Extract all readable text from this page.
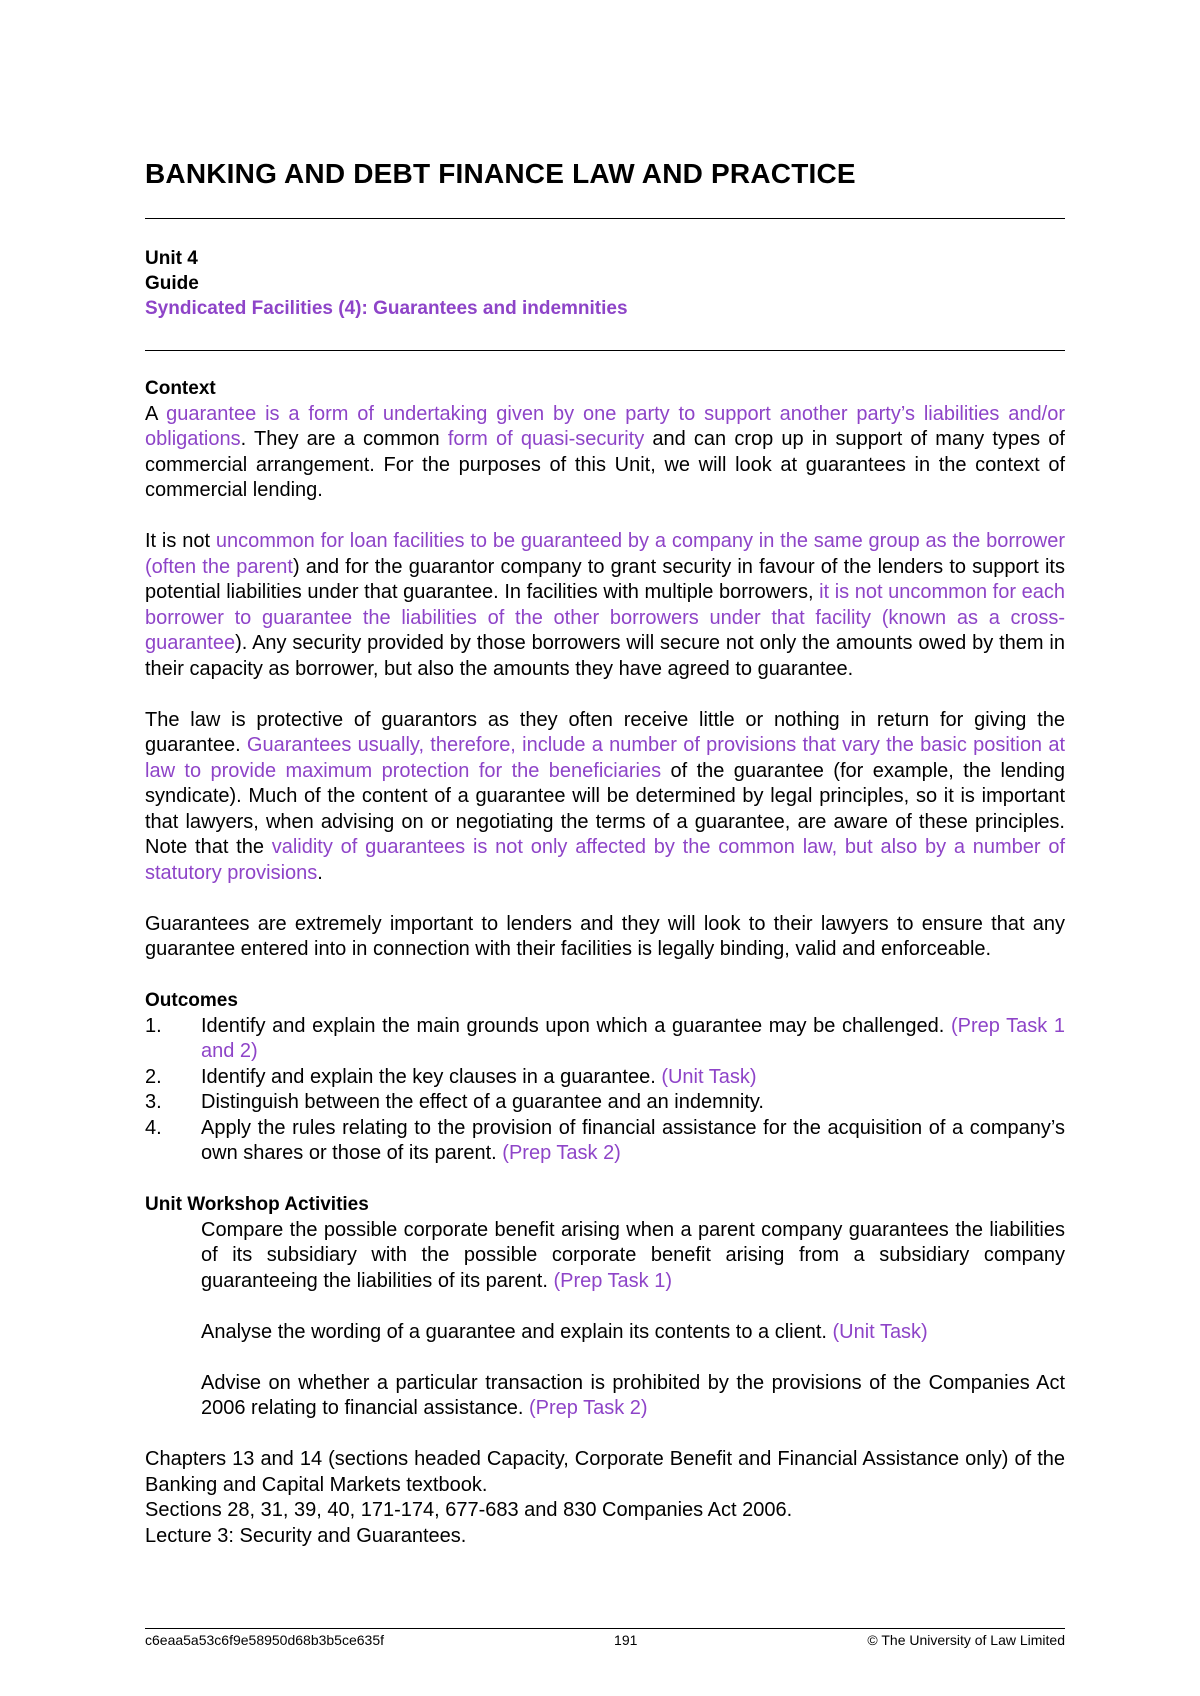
BANKING AND DEBT FINANCE LAW AND PRACTICE
Unit 4
Guide
Syndicated Facilities (4): Guarantees and indemnities
Context

A guarantee is a form of undertaking given by one party to support another party’s liabilities and/or obligations. They are a common form of quasi-security and can crop up in support of many types of commercial arrangement. For the purposes of this Unit, we will look at guarantees in the context of commercial lending.

It is not uncommon for loan facilities to be guaranteed by a company in the same group as the borrower (often the parent) and for the guarantor company to grant security in favour of the lenders to support its potential liabilities under that guarantee. In facilities with multiple borrowers, it is not uncommon for each borrower to guarantee the liabilities of the other borrowers under that facility (known as a cross-guarantee). Any security provided by those borrowers will secure not only the amounts owed by them in their capacity as borrower, but also the amounts they have agreed to guarantee.

The law is protective of guarantors as they often receive little or nothing in return for giving the guarantee. Guarantees usually, therefore, include a number of provisions that vary the basic position at law to provide maximum protection for the beneficiaries of the guarantee (for example, the lending syndicate). Much of the content of a guarantee will be determined by legal principles, so it is important that lawyers, when advising on or negotiating the terms of a guarantee, are aware of these principles. Note that the validity of guarantees is not only affected by the common law, but also by a number of statutory provisions.

Guarantees are extremely important to lenders and they will look to their lawyers to ensure that any guarantee entered into in connection with their facilities is legally binding, valid and enforceable.

Outcomes
1.	Identify and explain the main grounds upon which a guarantee may be challenged. (Prep Task 1 and 2)
2.	Identify and explain the key clauses in a guarantee. (Unit Task)
3.	Distinguish between the effect of a guarantee and an indemnity.
4.	Apply the rules relating to the provision of financial assistance for the acquisition of a company’s own shares or those of its parent. (Prep Task 2)
Unit Workshop Activities

Compare the possible corporate benefit arising when a parent company guarantees the liabilities of its subsidiary with the possible corporate benefit arising from a subsidiary company guaranteeing the liabilities of its parent. (Prep Task 1)

Analyse the wording of a guarantee and explain its contents to a client. (Unit Task)

Advise on whether a particular transaction is prohibited by the provisions of the Companies Act 2006 relating to financial assistance. (Prep Task 2)

Chapters 13 and 14 (sections headed Capacity, Corporate Benefit and Financial Assistance only) of the Banking and Capital Markets textbook.

Sections 28, 31, 39, 40, 171-174, 677-683 and 830 Companies Act 2006.

Lecture 3: Security and Guarantees.

c6eaa5a53c6f9e58950d68b3b5ce635f	191	© The University of Law Limited
